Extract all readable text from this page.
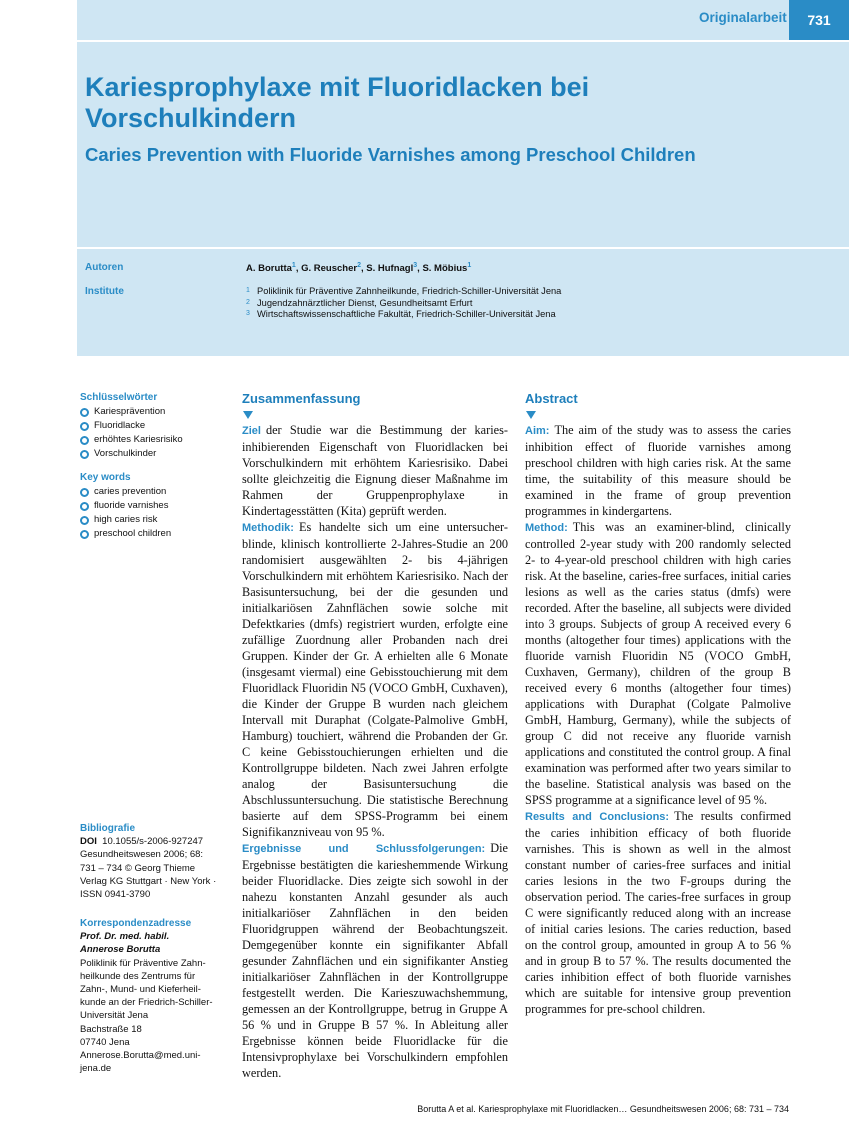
Originalarbeit	731
Kariesprophylaxe mit Fluoridlacken bei Vorschulkindern
Caries Prevention with Fluoride Varnishes among Preschool Children
Autoren
Institute
A. Borutta$^1$, G. Reuscher$^2$, S. Hufnagl$^3$, S. Möbius$^1$
1 Poliklinik für Präventive Zahnheilkunde, Friedrich-Schiller-Universität Jena
2 Jugendzahnärztlicher Dienst, Gesundheitsamt Erfurt
3 Wirtschaftswissenschaftliche Fakultät, Friedrich-Schiller-Universität Jena
Schlüsselwörter
Kariesprävention
Fluoridlacke
erhöhtes Kariesrisiko
Vorschulkinder
Key words
caries prevention
fluoride varnishes
high caries risk
preschool children
Bibliografie
DOI 10.1055/s-2006-927247
Gesundheitswesen 2006; 68:
731 – 734 © Georg Thieme
Verlag KG Stuttgart · New York ·
ISSN 0941-3790
Korrespondenzadresse
Prof. Dr. med. habil.
Annerose Borutta
Poliklinik für Präventive Zahn-
heilkunde des Zentrums für
Zahn-, Mund- und Kieferheil-
kunde an der Friedrich-Schiller-
Universität Jena
Bachstraße 18
07740 Jena
Annerose.Borutta@med.uni-
jena.de
Zusammenfassung

Ziel der Studie war die Bestimmung der karies-inhibierenden Eigenschaft von Fluoridlacken bei Vorschulkindern mit erhöhtem Kariesrisiko. Dabei sollte gleichzeitig die Eignung dieser Maßnahme im Rahmen der Gruppenprophylaxe in Kindertagesstätten (Kita) geprüft werden.

Methodik: Es handelte sich um eine untersucher-blinde, klinisch kontrollierte 2-Jahres-Studie an 200 randomisiert ausgewählten 2- bis 4-jährigen Vorschulkindern mit erhöhtem Kariesrisiko. Nach der Basisuntersuchung, bei der die gesunden und initialkariösen Zahnflächen sowie solche mit Defektkaries (dmfs) registriert wurden, erfolgte eine zufällige Zuordnung aller Probanden nach drei Gruppen. Kinder der Gr. A erhielten alle 6 Monate (insgesamt viermal) eine Gebisstouchierung mit dem Fluoridlack Fluoridin N5 (VOCO GmbH, Cuxhaven), die Kinder der Gruppe B wurden nach gleichem Intervall mit Duraphat (Colgate-Palmolive GmbH, Hamburg) touchiert, während die Probanden der Gr. C keine Gebisstouchierungen erhielten und die Kontrollgruppe bildeten. Nach zwei Jahren erfolgte analog der Basisuntersuchung die Abschlussuntersuchung. Die statistische Berechnung basierte auf dem SPSS-Programm bei einem Signifikanzniveau von 95 %.

Ergebnisse und Schlussfolgerungen: Die Ergebnisse bestätigten die karieshemmende Wirkung beider Fluoridlacke. Dies zeigte sich sowohl in der nahezu konstanten Anzahl gesunder als auch initialkariöser Zahnflächen in den beiden Fluoridgruppen während der Beobachtungszeit. Demgegenüber konnte ein signifikanter Abfall gesunder Zahnflächen und ein signifikanter Anstieg initialkariöser Zahnflächen in der Kontrollgruppe festgestellt werden. Die Karieszuwachshemmung, gemessen an der Kontrollgruppe, betrug in Gruppe A 56 % und in Gruppe B 57 %. In Ableitung aller Ergebnisse können beide Fluoridlacke für die Intensivprophylaxe bei Vorschulkindern empfohlen werden.

Abstract

Aim: The aim of the study was to assess the caries inhibition effect of fluoride varnishes among preschool children with high caries risk. At the same time, the suitability of this measure should be examined in the frame of group prevention programmes in kindergartens.

Method: This was an examiner-blind, clinically controlled 2-year study with 200 randomly selected 2- to 4-year-old preschool children with high caries risk. At the baseline, caries-free surfaces, initial caries lesions as well as the caries status (dmfs) were recorded. After the baseline, all subjects were divided into 3 groups. Subjects of group A received every 6 months (altogether four times) applications with the fluoride varnish Fluoridin N5 (VOCO GmbH, Cuxhaven, Germany), children of the group B received every 6 months (altogether four times) applications with Duraphat (Colgate Palmolive GmbH, Hamburg, Germany), while the subjects of group C did not receive any fluoride varnish applications and constituted the control group. A final examination was performed after two years similar to the baseline. Statistical analysis was based on the SPSS programme at a significance level of 95 %.

Results and Conclusions: The results confirmed the caries inhibition efficacy of both fluoride varnishes. This is shown as well in the almost constant number of caries-free surfaces and initial caries lesions in the two F-groups during the observation period. The caries-free surfaces in group C were significantly reduced along with an increase of initial caries lesions. The caries reduction, based on the control group, amounted in group A to 56 % and in group B to 57 %. The results documented the caries inhibition effect of both fluoride varnishes which are suitable for intensive group prevention programmes for pre-school children.

Borutta A et al. Kariesprophylaxe mit Fluoridlacken… Gesundheitswesen 2006; 68: 731 – 734
